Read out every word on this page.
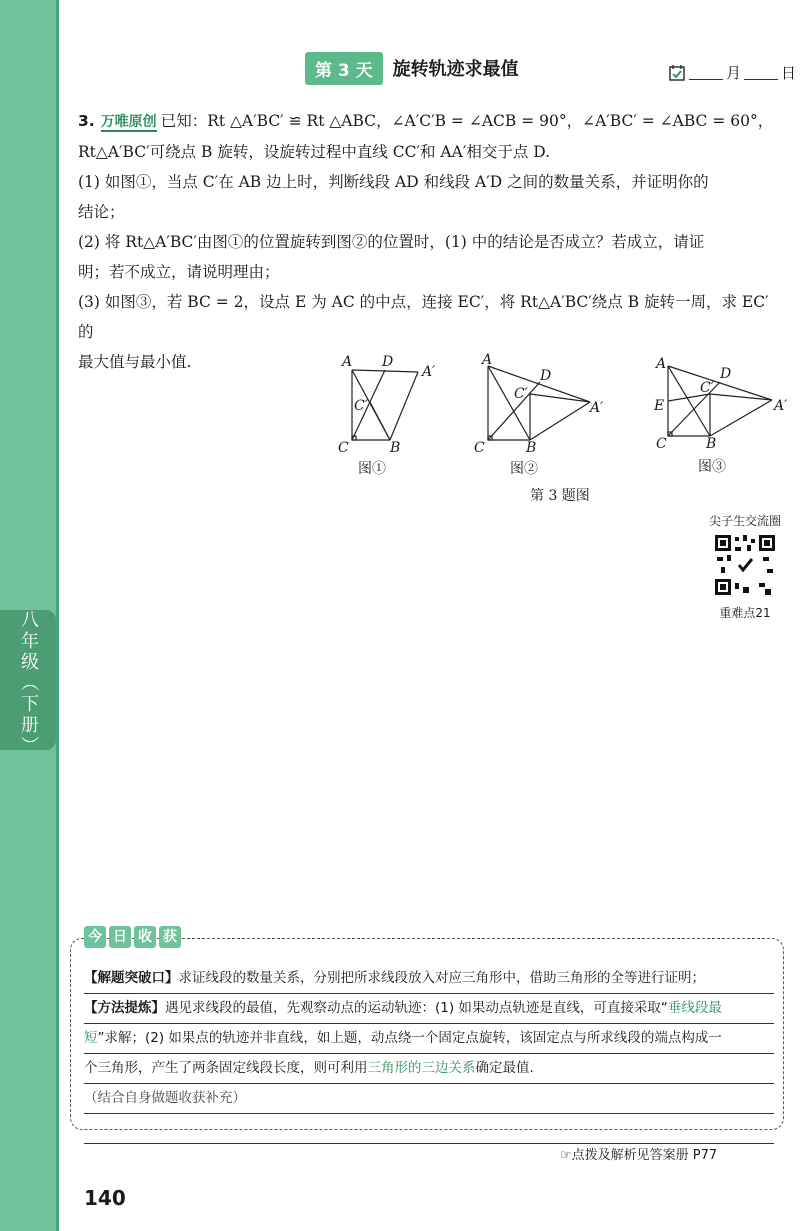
八年级（下册）
第 3 天	旋转轨迹求最值	月	日

3. 万唯原创 已知：Rt △A′BC′ ≌ Rt △ABC，∠A′C′B = ∠ACB = 90°，∠A′BC′ = ∠ABC = 60°，

Rt△A′BC′可绕点 B 旋转，设旋转过程中直线 CC′和 AA′相交于点 D.

(1) 如图①，当点 C′在 AB 边上时，判断线段 AD 和线段 A′D 之间的数量关系，并证明你的

结论；

(2) 将 Rt△A′BC′由图①的位置旋转到图②的位置时，(1) 中的结论是否成立？若成立，请证

明；若不成立，请说明理由；

(3) 如图③，若 BC = 2，设点 E 为 AC 的中点，连接 EC′，将 Rt△A′BC′绕点 B 旋转一周，求 EC′的

最大值与最小值.	A D
A′
C′
C	B
图①
A
D
A′
C′
C	B
图②
A
D
A′
C′
E
C	B
图③
第 3 题图
尖子生交流圈
重难点21
今 日 收 获
【解题突破口】求证线段的数量关系，分别把所求线段放入对应三角形中，借助三角形的全等进行证明；
【方法提炼】遇见求线段的最值，先观察动点的运动轨迹：(1) 如果动点轨迹是直线，可直接采取“垂线段最
短”求解；(2) 如果点的轨迹并非直线，如上题，动点绕一个固定点旋转，该固定点与所求线段的端点构成一
个三角形，产生了两条固定线段长度，则可利用三角形的三边关系确定最值.
（结合自身做题收获补充）
☞点拨及解析见答案册 P77
140
